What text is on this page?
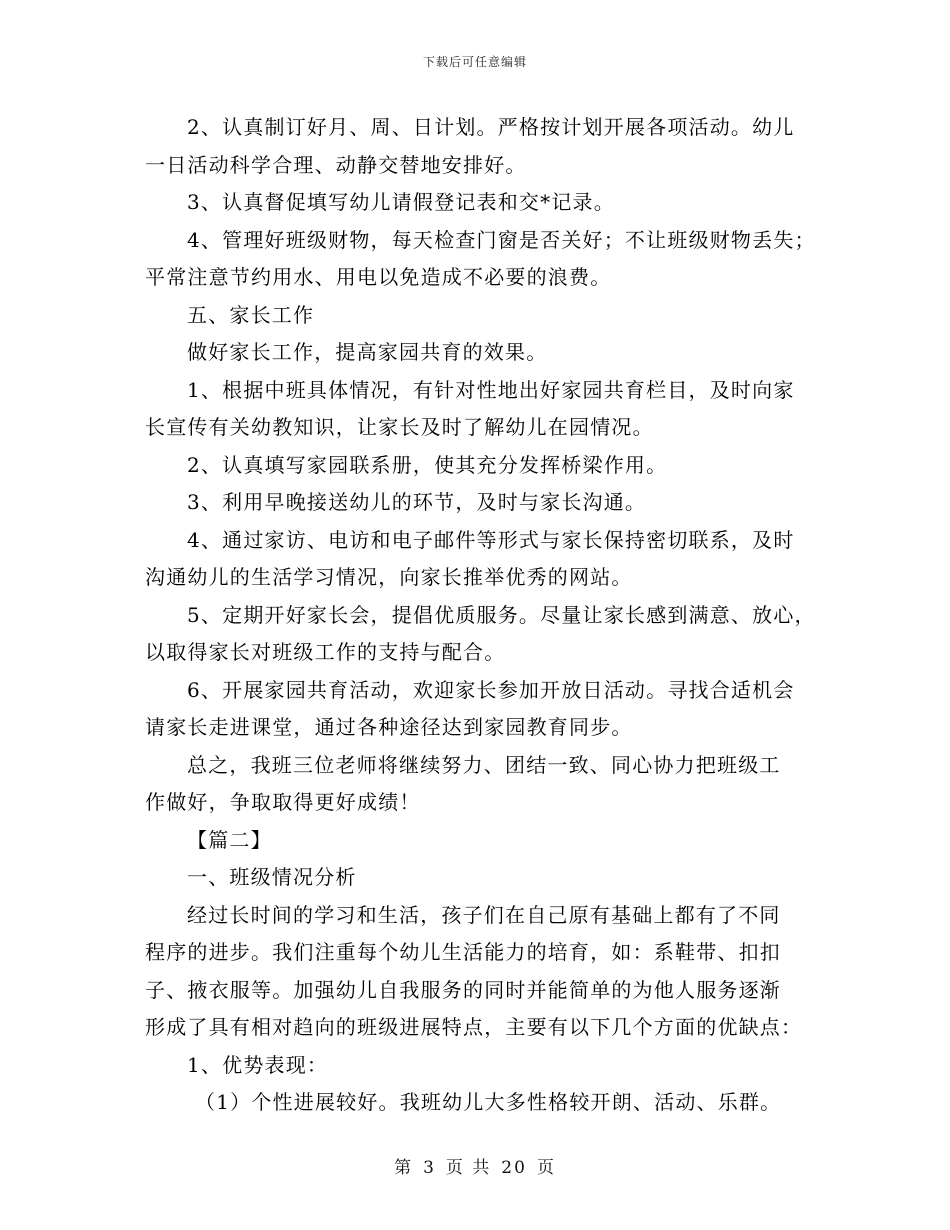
下载后可任意编辑
2、认真制订好月、周、日计划。严格按计划开展各项活动。幼儿
一日活动科学合理、动静交替地安排好。
3、认真督促填写幼儿请假登记表和交*记录。
4、管理好班级财物，每天检查门窗是否关好；不让班级财物丢失；
平常注意节约用水、用电以免造成不必要的浪费。
五、家长工作
做好家长工作，提高家园共育的效果。
1、根据中班具体情况，有针对性地出好家园共育栏目，及时向家
长宣传有关幼教知识，让家长及时了解幼儿在园情况。
2、认真填写家园联系册，使其充分发挥桥梁作用。
3、利用早晚接送幼儿的环节，及时与家长沟通。
4、通过家访、电访和电子邮件等形式与家长保持密切联系，及时
沟通幼儿的生活学习情况，向家长推举优秀的网站。
5、定期开好家长会，提倡优质服务。尽量让家长感到满意、放心，
以取得家长对班级工作的支持与配合。
6、开展家园共育活动，欢迎家长参加开放日活动。寻找合适机会
请家长走进课堂，通过各种途径达到家园教育同步。
总之，我班三位老师将继续努力、团结一致、同心协力把班级工
作做好，争取取得更好成绩！
【篇二】
一、班级情况分析
经过长时间的学习和生活，孩子们在自己原有基础上都有了不同
程序的进步。我们注重每个幼儿生活能力的培育，如：系鞋带、扣扣
子、掖衣服等。加强幼儿自我服务的同时并能简单的为他人服务逐渐
形成了具有相对趋向的班级进展特点，主要有以下几个方面的优缺点：
1、优势表现：
（1）个性进展较好。我班幼儿大多性格较开朗、活动、乐群。
第 3 页 共 20 页
